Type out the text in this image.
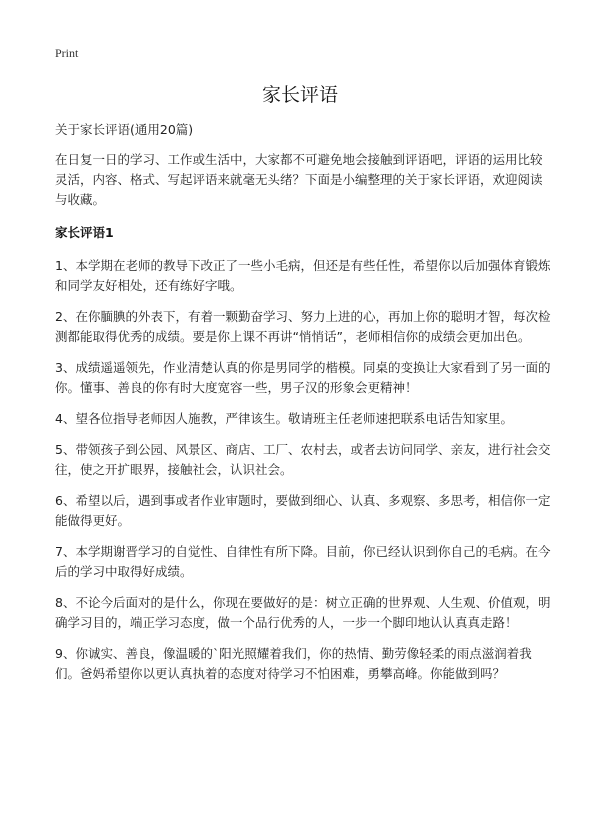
Print
家长评语

关于家长评语(通用20篇)

在日复一日的学习、工作或生活中，大家都不可避免地会接触到评语吧，评语的运用比较灵活，内容、格式、写起评语来就毫无头绪？下面是小编整理的关于家长评语，欢迎阅读与收藏。

家长评语1

1、本学期在老师的教导下改正了一些小毛病，但还是有些任性，希望你以后加强体育锻炼和同学友好相处，还有练好字哦。

2、在你腼腆的外表下，有着一颗勤奋学习、努力上进的心，再加上你的聪明才智，每次检测都能取得优秀的成绩。要是你上课不再讲“悄悄话”，老师相信你的成绩会更加出色。

3、成绩遥遥领先，作业清楚认真的你是男同学的楷模。同桌的变换让大家看到了另一面的你。懂事、善良的你有时大度宽容一些，男子汉的形象会更精神！

4、望各位指导老师因人施教，严律该生。敬请班主任老师速把联系电话告知家里。

5、带领孩子到公园、风景区、商店、工厂、农村去，或者去访问同学、亲友，进行社会交往，使之开扩眼界，接触社会，认识社会。

6、希望以后，遇到事或者作业审题时，要做到细心、认真、多观察、多思考，相信你一定能做得更好。

7、本学期谢晋学习的自觉性、自律性有所下降。目前，你已经认识到你自己的毛病。在今后的学习中取得好成绩。

8、不论今后面对的是什么，你现在要做好的是：树立正确的世界观、人生观、价值观，明确学习目的，端正学习态度，做一个品行优秀的人，一步一个脚印地认认真真走路！

9、你诚实、善良，像温暖的`阳光照耀着我们，你的热情、勤劳像轻柔的雨点滋润着我们。爸妈希望你以更认真执着的态度对待学习不怕困难，勇攀高峰。你能做到吗？
